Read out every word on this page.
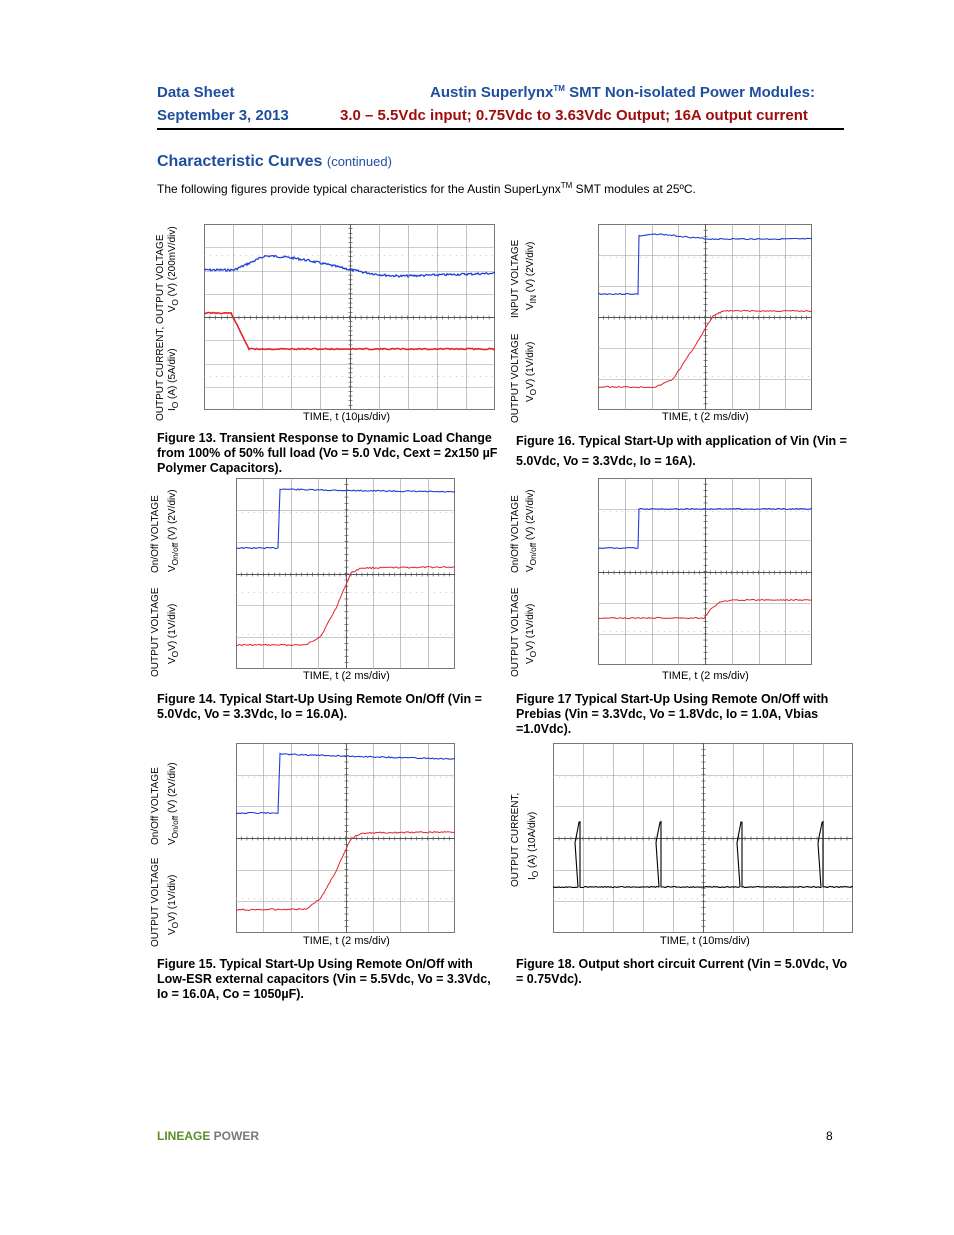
Data Sheet
September 3, 2013
Austin Superlynx™ SMT Non-isolated Power Modules:
3.0 – 5.5Vdc input; 0.75Vdc to 3.63Vdc Output; 16A output current
Characteristic Curves (continued)
The following figures provide typical characteristics for the Austin SuperLynx™ SMT modules at 25ºC.
OUTPUT CURRENT, OUTPUT VOLTAGE $I_O$ (A) (5A/div)             $V_O$ (V) (200mV/div)
TIME, t (10µs/div)
Figure 13. Transient Response to Dynamic Load Change from 100% of 50% full load (Vo = 5.0 Vdc, Cext = 2x150 µF Polymer Capacitors).
INPUT VOLTAGE $V_{IN}$ (V) (2V/div)
OUTPUT VOLTAGE $V_OV$) (1V/div)
TIME, t (2 ms/div)
Figure 16. Typical Start-Up with application of Vin (Vin = 5.0Vdc, Vo = 3.3Vdc, Io = 16A).
On/Off VOLTAGE $V_{On/off}$ (V) (2V/div)
OUTPUT VOLTAGE $V_OV$) (1V/div)
TIME, t (2 ms/div)
Figure 14. Typical Start-Up Using Remote On/Off (Vin = 5.0Vdc, Vo = 3.3Vdc, Io = 16.0A).
On/Off VOLTAGE $V_{On/off}$ (V) (2V/div)
OUTPUT VOLTAGE $V_OV$) (1V/div)
TIME, t (2 ms/div)
Figure 17 Typical Start-Up Using Remote On/Off with Prebias (Vin = 3.3Vdc, Vo = 1.8Vdc, Io = 1.0A, Vbias =1.0Vdc).
On/Off VOLTAGE $V_{On/off}$ (V) (2V/div)
OUTPUT VOLTAGE $V_OV$) (1V/div)
TIME, t (2 ms/div)
Figure 15. Typical Start-Up Using Remote On/Off with Low-ESR external capacitors (Vin = 5.5Vdc, Vo = 3.3Vdc, Io = 16.0A, Co = 1050µF).
OUTPUT CURRENT, $I_O$ (A) (10A/div)
TIME, t (10ms/div)
Figure 18. Output short circuit Current (Vin = 5.0Vdc, Vo = 0.75Vdc).
LINEAGE POWER	8
